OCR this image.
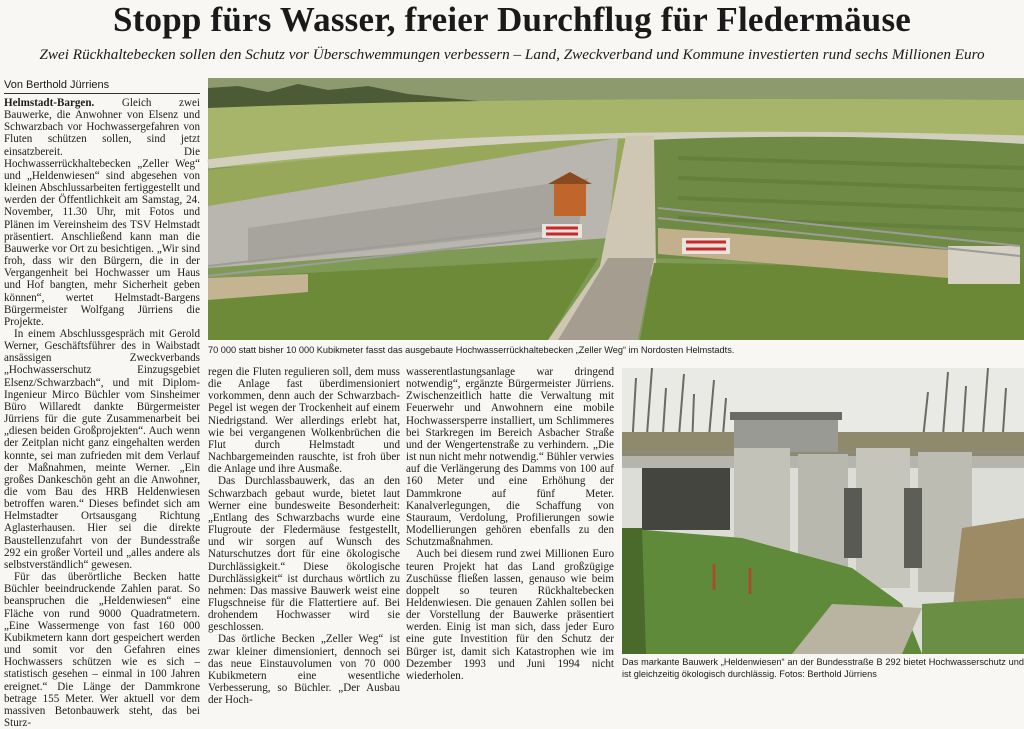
Stopp fürs Wasser, freier Durchflug für Fledermäuse
Zwei Rückhaltebecken sollen den Schutz vor Überschwemmungen verbessern – Land, Zweckverband und Kommune investierten rund sechs Millionen Euro
Von Berthold Jürriens

Helmstadt-Bargen. Gleich zwei Bauwerke, die Anwohner von Elsenz und Schwarzbach vor Hochwassergefahren von Fluten schützen sollen, sind jetzt einsatzbereit. Die Hochwasserrückhaltebecken „Zeller Weg“ und „Heldenwiesen“ sind abgesehen von kleinen Abschlussarbeiten fertiggestellt und werden der Öffentlichkeit am Samstag, 24. November, 11.30 Uhr, mit Fotos und Plänen im Vereinsheim des TSV Helmstadt präsentiert. Anschließend kann man die Bauwerke vor Ort zu besichtigen. „Wir sind froh, dass wir den Bürgern, die in der Vergangenheit bei Hochwasser um Haus und Hof bangten, mehr Sicherheit geben können“, wertet Helmstadt-Bargens Bürgermeister Wolfgang Jürriens die Projekte.

In einem Abschlussgespräch mit Gerold Werner, Geschäftsführer des in Waibstadt ansässigen Zweckverbands „Hochwasserschutz Einzugsgebiet Elsenz/Schwarzbach“, und mit Diplom-Ingenieur Mirco Büchler vom Sinsheimer Büro Willaredt dankte Bürgermeister Jürriens für die gute Zusammenarbeit bei „diesen beiden Großprojekten“. Auch wenn der Zeitplan nicht ganz eingehalten werden konnte, sei man zufrieden mit dem Verlauf der Maßnahmen, meinte Werner. „Ein großes Dankeschön geht an die Anwohner, die vom Bau des HRB Heldenwiesen betroffen waren.“ Dieses befindet sich am Helmstadter Ortsausgang Richtung Aglasterhausen. Hier sei die direkte Baustellenzufahrt von der Bundesstraße 292 ein großer Vorteil und „alles andere als selbstverständlich“ gewesen.

Für das überörtliche Becken hatte Büchler beeindruckende Zahlen parat. So beanspruchen die „Heldenwiesen“ eine Fläche von rund 9000 Quadratmetern. „Eine Wassermenge von fast 160 000 Kubikmetern kann dort gespeichert werden und somit vor den Gefahren eines Hochwassers schützen wie es sich – statistisch gesehen – einmal in 100 Jahren ereignet.“ Die Länge der Dammkrone betrage 155 Meter. Wer aktuell vor dem massiven Betonbauwerk steht, das bei Sturz-

70 000 statt bisher 10 000 Kubikmeter fasst das ausgebaute Hochwasserrückhaltebecken „Zeller Weg“ im Nordosten Helmstadts.

regen die Fluten regulieren soll, dem muss die Anlage fast überdimensioniert vorkommen, denn auch der Schwarzbach-Pegel ist wegen der Trockenheit auf einem Niedrigstand. Wer allerdings erlebt hat, wie bei vergangenen Wolkenbrüchen die Flut durch Helmstadt und Nachbargemeinden rauschte, ist froh über die Anlage und ihre Ausmaße.

Das Durchlassbauwerk, das an den Schwarzbach gebaut wurde, bietet laut Werner eine bundesweite Besonderheit: „Entlang des Schwarzbachs wurde eine Flugroute der Fledermäuse festgestellt, und wir sorgen auf Wunsch des Naturschutzes dort für eine ökologische Durchlässigkeit.“ Diese ökologische Durchlässigkeit“ ist durchaus wörtlich zu nehmen: Das massive Bauwerk weist eine Flugschneise für die Flattertiere auf. Bei drohendem Hochwasser wird sie geschlossen.

Das örtliche Becken „Zeller Weg“ ist zwar kleiner dimensioniert, dennoch sei das neue Einstauvolumen von 70 000 Kubikmetern eine wesentliche Verbesserung, so Büchler. „Der Ausbau der Hoch-

wasserentlastungsanlage war dringend notwendig“, ergänzte Bürgermeister Jürriens. Zwischenzeitlich hatte die Verwaltung mit Feuerwehr und Anwohnern eine mobile Hochwassersperre installiert, um Schlimmeres bei Starkregen im Bereich Asbacher Straße und der Wengertenstraße zu verhindern. „Die ist nun nicht mehr notwendig.“ Bühler verwies auf die Verlängerung des Damms von 100 auf 160 Meter und eine Erhöhung der Dammkrone auf fünf Meter. Kanalverlegungen, die Schaffung von Stauraum, Verdolung, Profilierungen sowie Modellierungen gehören ebenfalls zu den Schutzmaßnahmen.

Auch bei diesem rund zwei Millionen Euro teuren Projekt hat das Land großzügige Zuschüsse fließen lassen, genauso wie beim doppelt so teuren Rückhaltebecken Heldenwiesen. Die genauen Zahlen sollen bei der Vorstellung der Bauwerke präsentiert werden. Einig ist man sich, dass jeder Euro eine gute Investition für den Schutz der Bürger ist, damit sich Katastrophen wie im Dezember 1993 und Juni 1994 nicht wiederholen.

Das markante Bauwerk „Heldenwiesen“ an der Bundesstraße B 292 bietet Hochwasserschutz und ist gleichzeitig ökologisch durchlässig. Fotos: Berthold Jürriens
